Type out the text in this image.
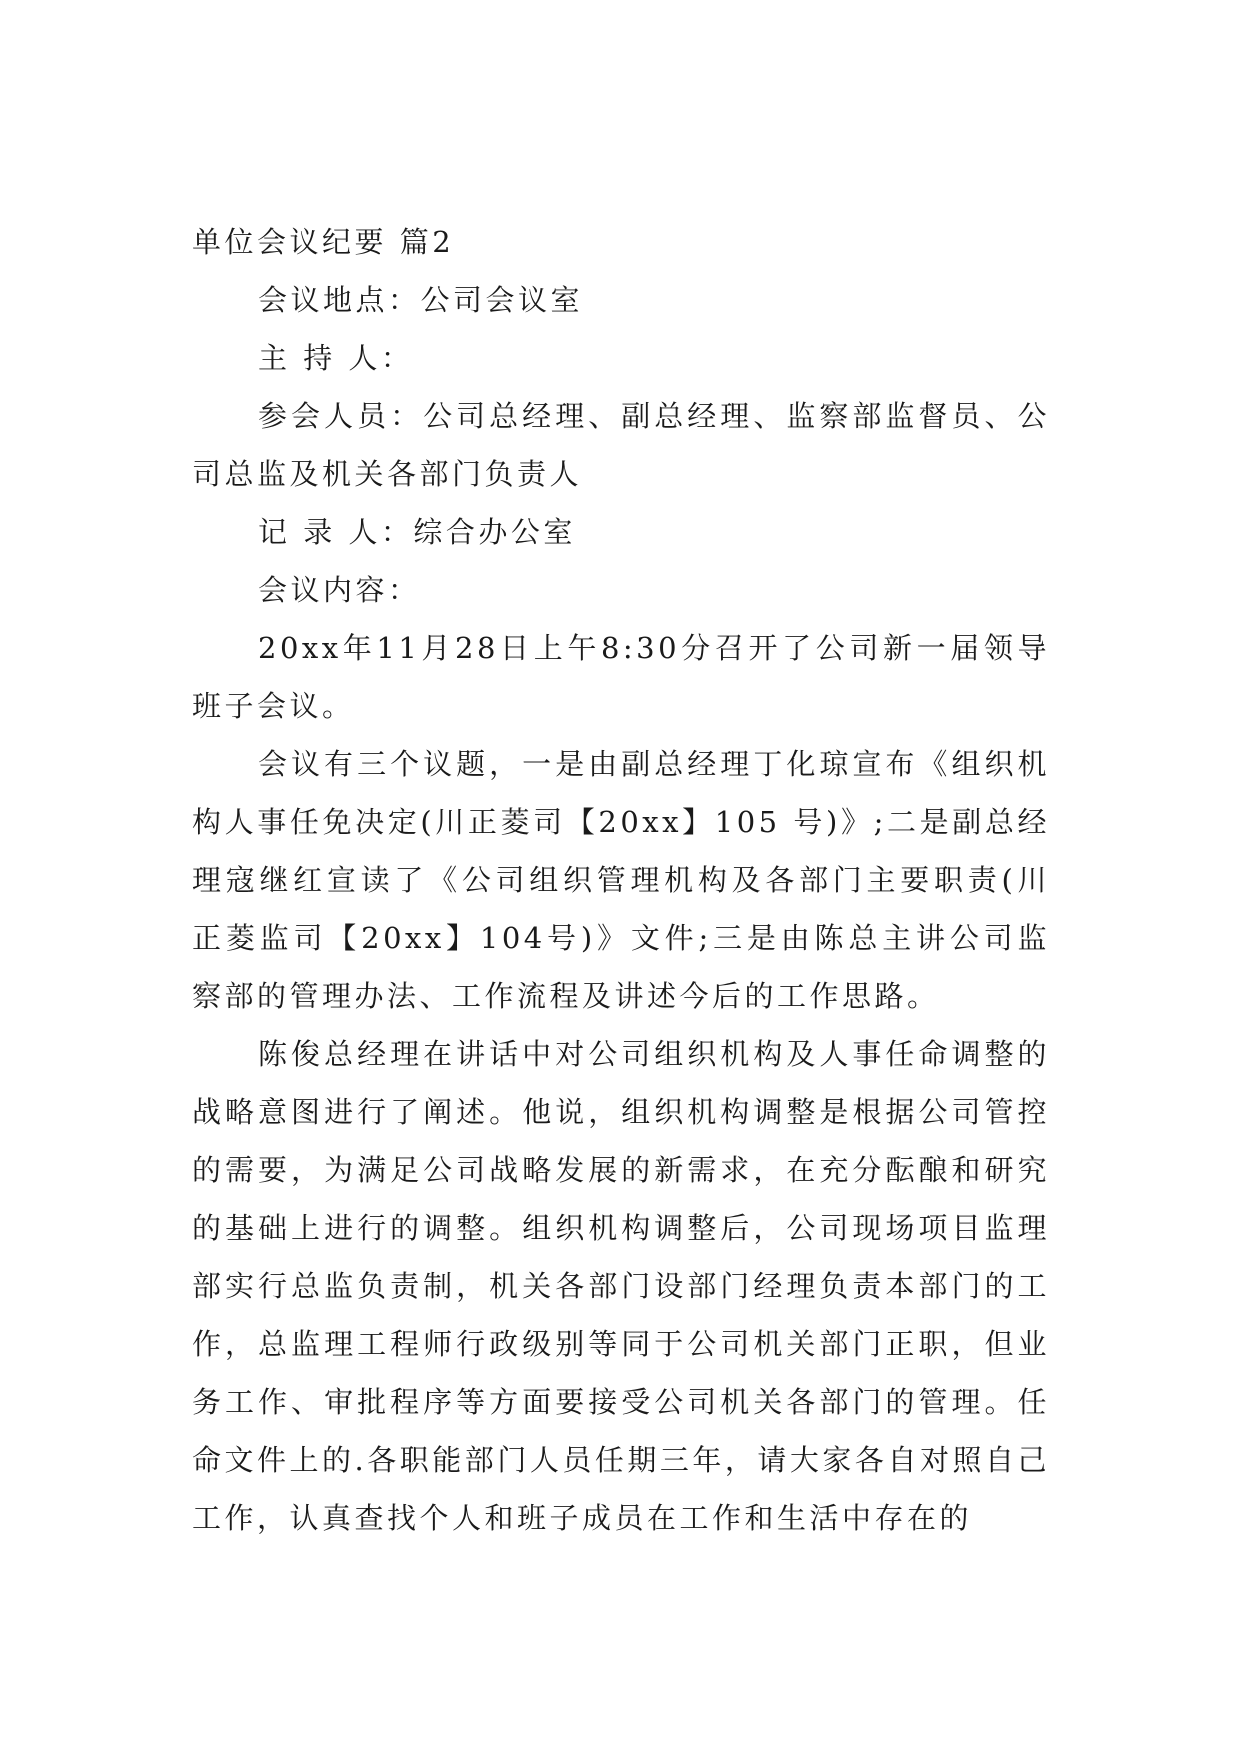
单位会议纪要 篇2

会议地点：公司会议室

主 持 人：

参会人员：公司总经理、副总经理、监察部监督员、公司总监及机关各部门负责人

记 录 人：综合办公室

会议内容：

20xx年11月28日上午8:30分召开了公司新一届领导班子会议。

会议有三个议题，一是由副总经理丁化琼宣布《组织机构人事任免决定(川正菱司【20xx】105 号)》;二是副总经理寇继红宣读了《公司组织管理机构及各部门主要职责(川正菱监司【20xx】104号)》文件;三是由陈总主讲公司监察部的管理办法、工作流程及讲述今后的工作思路。

陈俊总经理在讲话中对公司组织机构及人事任命调整的战略意图进行了阐述。他说，组织机构调整是根据公司管控的需要，为满足公司战略发展的新需求，在充分酝酿和研究的基础上进行的调整。组织机构调整后，公司现场项目监理部实行总监负责制，机关各部门设部门经理负责本部门的工作，总监理工程师行政级别等同于公司机关部门正职，但业务工作、审批程序等方面要接受公司机关各部门的管理。任命文件上的.各职能部门人员任期三年，请大家各自对照自己工作，认真查找个人和班子成员在工作和生活中存在的
